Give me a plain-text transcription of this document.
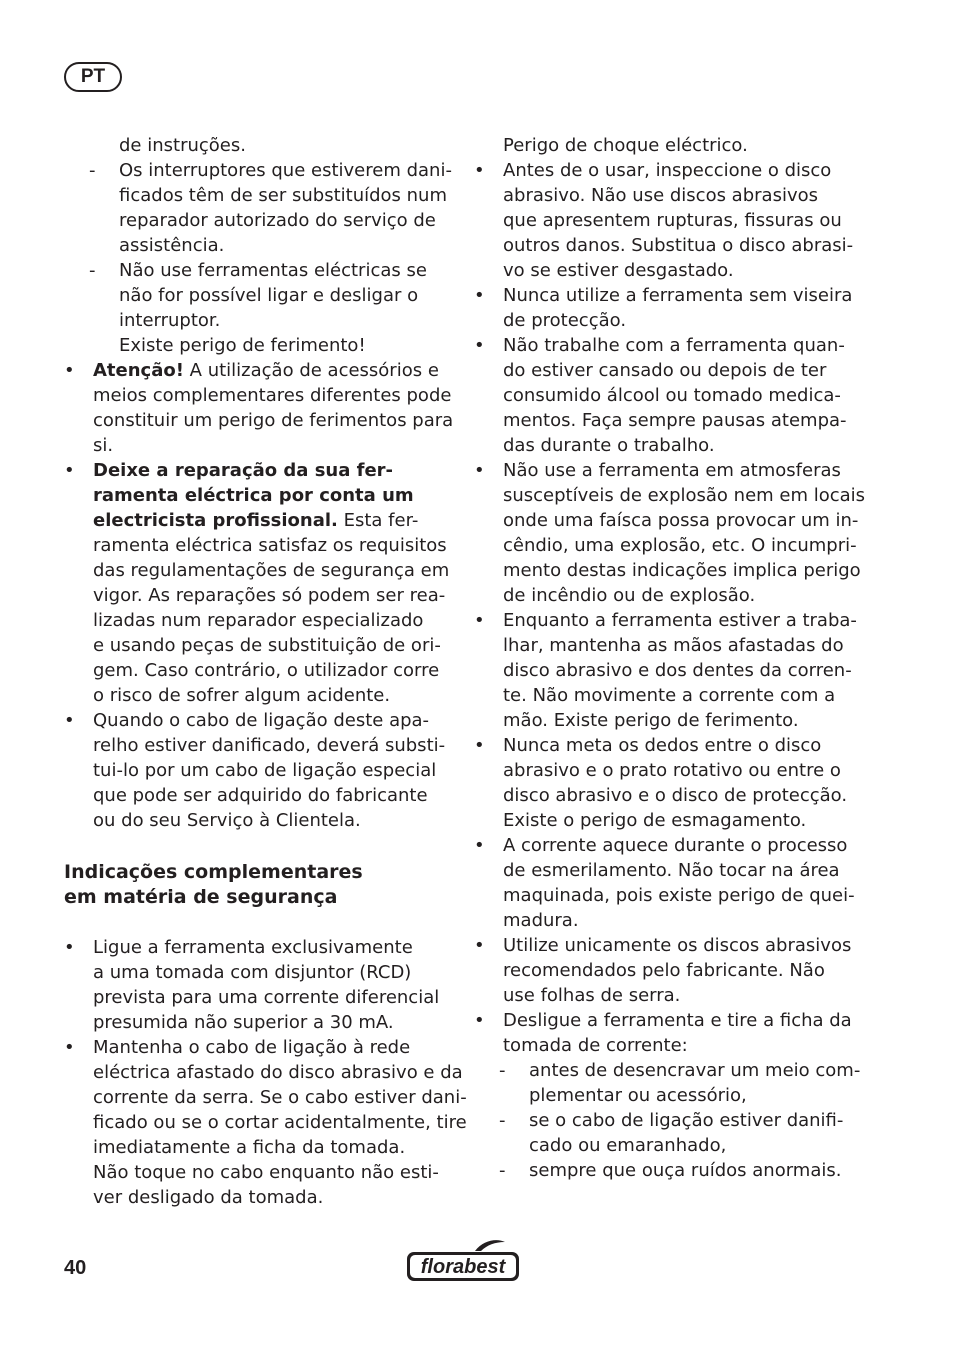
PT
de instruções.
- Os interruptores que estiverem dani-
ficados têm de ser substituídos num
reparador autorizado do serviço de
assistência.
- Não use ferramentas eléctricas se
não for possível ligar e desligar o
interruptor.
Existe perigo de ferimento!
• Atenção! A utilização de acessórios e
meios complementares diferentes pode
constituir um perigo de ferimentos para
si.
• Deixe a reparação da sua fer-
ramenta eléctrica por conta um
electricista profissional. Esta fer-
ramenta eléctrica satisfaz os requisitos
das regulamentações de segurança em
vigor. As reparações só podem ser rea-
lizadas num reparador especializado
e usando peças de substituição de ori-
gem. Caso contrário, o utilizador corre
o risco de sofrer algum acidente.
• Quando o cabo de ligação deste apa-
relho estiver danificado, deverá substi-
tui-lo por um cabo de ligação especial
que pode ser adquirido do fabricante
ou do seu Serviço à Clientela.
Indicações complementares
em matéria de segurança
• Ligue a ferramenta exclusivamente
a uma tomada com disjuntor (RCD)
prevista para uma corrente diferencial
presumida não superior a 30 mA.
• Mantenha o cabo de ligação à rede
eléctrica afastado do disco abrasivo e da
corrente da serra. Se o cabo estiver dani-
ficado ou se o cortar acidentalmente, tire
imediatamente a ficha da tomada.
Não toque no cabo enquanto não esti-
ver desligado da tomada.
Perigo de choque eléctrico.
• Antes de o usar, inspeccione o disco
abrasivo. Não use discos abrasivos
que apresentem rupturas, fissuras ou
outros danos. Substitua o disco abrasi-
vo se estiver desgastado.
• Nunca utilize a ferramenta sem viseira
de protecção.
• Não trabalhe com a ferramenta quan-
do estiver cansado ou depois de ter
consumido álcool ou tomado medica-
mentos. Faça sempre pausas atempa-
das durante o trabalho.
• Não use a ferramenta em atmosferas
susceptíveis de explosão nem em locais
onde uma faísca possa provocar um in-
cêndio, uma explosão, etc. O incumpri-
mento destas indicações implica perigo
de incêndio ou de explosão.
• Enquanto a ferramenta estiver a traba-
lhar, mantenha as mãos afastadas do
disco abrasivo e dos dentes da corren-
te. Não movimente a corrente com a
mão. Existe perigo de ferimento.
• Nunca meta os dedos entre o disco
abrasivo e o prato rotativo ou entre o
disco abrasivo e o disco de protecção.
Existe o perigo de esmagamento.
• A corrente aquece durante o processo
de esmerilamento. Não tocar na área
maquinada, pois existe perigo de quei-
madura.
• Utilize unicamente os discos abrasivos
recomendados pelo fabricante. Não
use folhas de serra.
• Desligue a ferramenta e tire a ficha da
tomada de corrente:
- antes de desencravar um meio com-
plementar ou acessório,
- se o cabo de ligação estiver danifi-
cado ou emaranhado,
- sempre que ouça ruídos anormais.
40	florabest
